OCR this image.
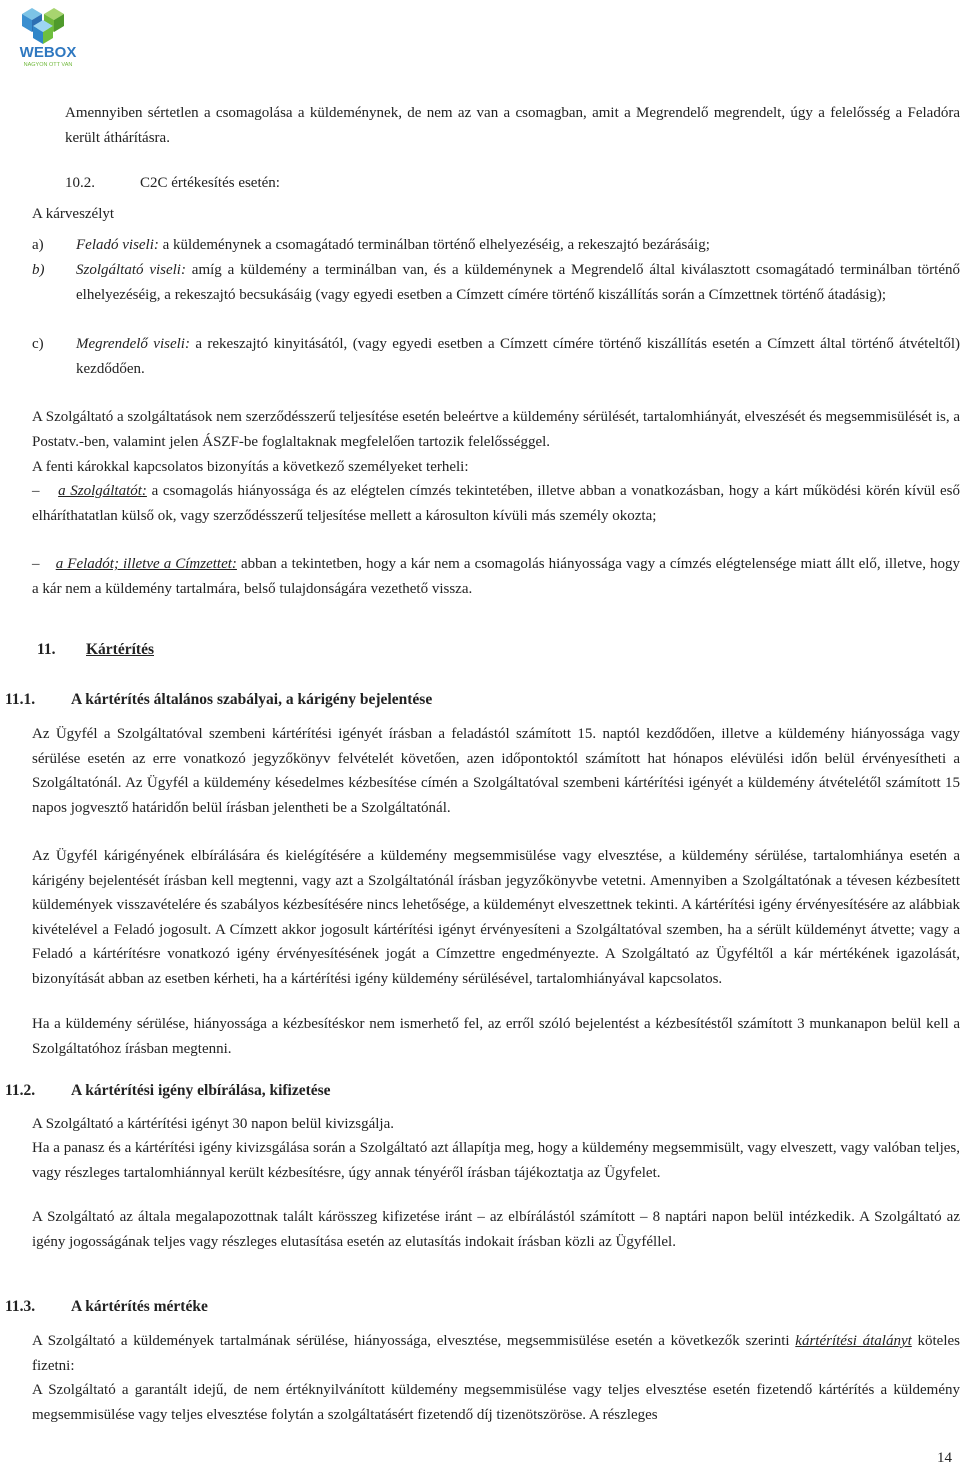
WEBOX
NAGYON OTT VAN
Amennyiben sértetlen a csomagolása a küldeménynek, de nem az van a csomagban, amit a Megrendelő megrendelt, úgy a felelősség a Feladóra került áthárításra.
10.2.	C2C értékesítés esetén:
A kárveszélyt
a) Feladó viseli: a küldeménynek a csomagátadó terminálban történő elhelyezéséig, a rekeszajtó bezárásáig;
b) Szolgáltató viseli: amíg a küldemény a terminálban van, és a küldeménynek a Megrendelő által kiválasztott csomagátadó terminálban történő elhelyezéséig, a rekeszajtó becsukásáig (vagy egyedi esetben a Címzett címére történő kiszállítás során a Címzettnek történő átadásig);
c) Megrendelő viseli: a rekeszajtó kinyitásától, (vagy egyedi esetben a Címzett címére történő kiszállítás esetén a Címzett által történő átvételtől) kezdődően.
A Szolgáltató a szolgáltatások nem szerződésszerű teljesítése esetén beleértve a küldemény sérülését, tartalomhiányát, elveszését és megsemmisülését is, a Postatv.-ben, valamint jelen ÁSZF-be foglaltaknak megfelelően tartozik felelősséggel.
A fenti károkkal kapcsolatos bizonyítás a következő személyeket terheli:
– a Szolgáltatót: a csomagolás hiányossága és az elégtelen címzés tekintetében, illetve abban a vonatkozásban, hogy a kárt működési körén kívül eső elháríthatatlan külső ok, vagy szerződésszerű teljesítése mellett a károsulton kívüli más személy okozta;
– a Feladót; illetve a Címzettet: abban a tekintetben, hogy a kár nem a csomagolás hiányossága vagy a címzés elégtelensége miatt állt elő, illetve, hogy a kár nem a küldemény tartalmára, belső tulajdonságára vezethető vissza.
11. Kártérítés
11.1. A kártérítés általános szabályai, a kárigény bejelentése
Az Ügyfél a Szolgáltatóval szembeni kártérítési igényét írásban a feladástól számított 15. naptól kezdődően, illetve a küldemény hiányossága vagy sérülése esetén az erre vonatkozó jegyzőkönyv felvételét követően, azen időpontoktól számított hat hónapos elévülési időn belül érvényesítheti a Szolgáltatónál. Az Ügyfél a küldemény késedelmes kézbesítése címén a Szolgáltatóval szembeni kártérítési igényét a küldemény átvételétől számított 15 napos jogvesztő határidőn belül írásban jelentheti be a Szolgáltatónál.
Az Ügyfél kárigényének elbírálására és kielégítésére a küldemény megsemmisülése vagy elvesztése, a küldemény sérülése, tartalomhiánya esetén a kárigény bejelentését írásban kell megtenni, vagy azt a Szolgáltatónál írásban jegyzőkönyvbe vetetni. Amennyiben a Szolgáltatónak a tévesen kézbesített küldemények visszavételére és szabályos kézbesítésére nincs lehetősége, a küldeményt elveszettnek tekinti. A kártérítési igény érvényesítésére az alábbiak kivételével a Feladó jogosult. A Címzett akkor jogosult kártérítési igényt érvényesíteni a Szolgáltatóval szemben, ha a sérült küldeményt átvette; vagy a Feladó a kártérítésre vonatkozó igény érvényesítésének jogát a Címzettre engedményezte. A Szolgáltató az Ügyféltől a kár mértékének igazolását, bizonyítását abban az esetben kérheti, ha a kártérítési igény küldemény sérülésével, tartalomhiányával kapcsolatos.
Ha a küldemény sérülése, hiányossága a kézbesítéskor nem ismerhető fel, az erről szóló bejelentést a kézbesítéstől számított 3 munkanapon belül kell a Szolgáltatóhoz írásban megtenni.
11.2. A kártérítési igény elbírálása, kifizetése
A Szolgáltató a kártérítési igényt 30 napon belül kivizsgálja.
Ha a panasz és a kártérítési igény kivizsgálása során a Szolgáltató azt állapítja meg, hogy a küldemény megsemmisült, vagy elveszett, vagy valóban teljes, vagy részleges tartalomhiánnyal került kézbesítésre, úgy annak tényéről írásban tájékoztatja az Ügyfelet.
A Szolgáltató az általa megalapozottnak talált kárösszeg kifizetése iránt – az elbírálástól számított – 8 naptári napon belül intézkedik. A Szolgáltató az igény jogosságának teljes vagy részleges elutasítása esetén az elutasítás indokait írásban közli az Ügyféllel.
11.3. A kártérítés mértéke
A Szolgáltató a küldemények tartalmának sérülése, hiányossága, elvesztése, megsemmisülése esetén a következők szerinti kártérítési átalányt köteles fizetni:
A Szolgáltató a garantált idejű, de nem értéknyilvánított küldemény megsemmisülése vagy teljes elvesztése esetén fizetendő kártérítés a küldemény megsemmisülése vagy teljes elvesztése folytán a szolgáltatásért fizetendő díj tizenötszöröse. A részleges
14
